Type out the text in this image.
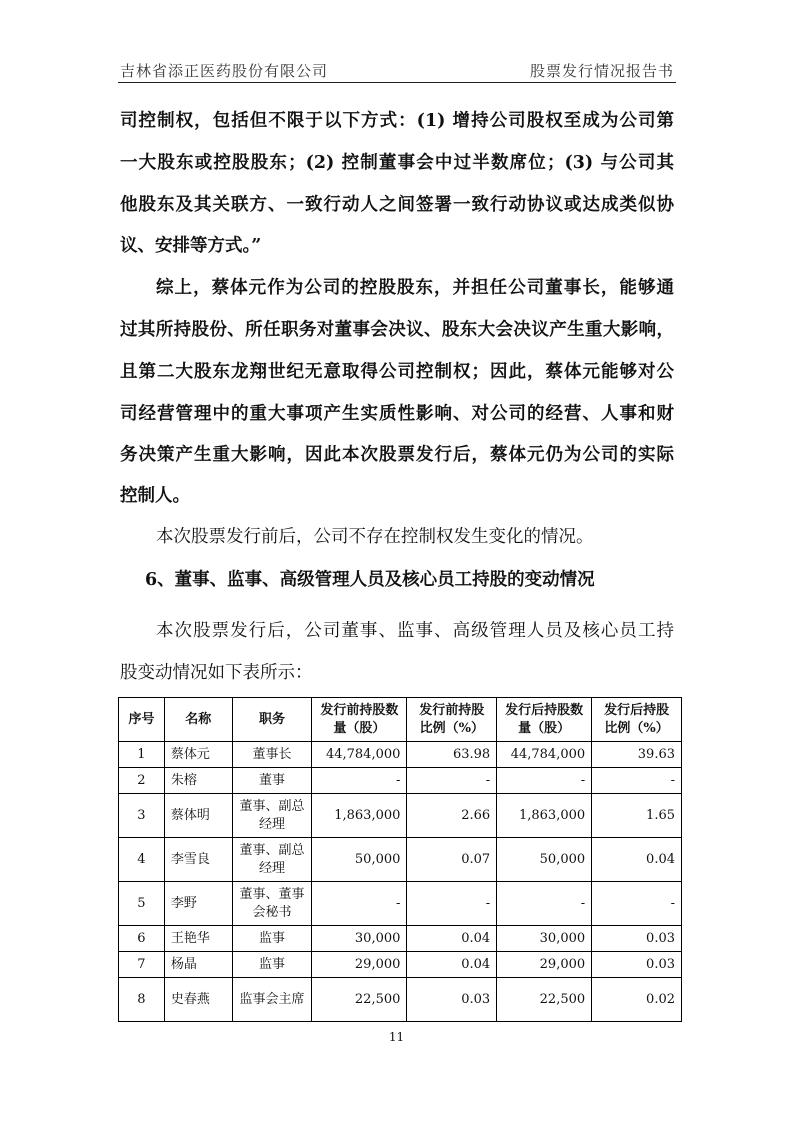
吉林省添正医药股份有限公司	股票发行情况报告书
司控制权，包括但不限于以下方式：(1) 增持公司股权至成为公司第
一大股东或控股股东；(2) 控制董事会中过半数席位；(3) 与公司其
他股东及其关联方、一致行动人之间签署一致行动协议或达成类似协
议、安排等方式。”
综上，蔡体元作为公司的控股股东，并担任公司董事长，能够通
过其所持股份、所任职务对董事会决议、股东大会决议产生重大影响，
且第二大股东龙翔世纪无意取得公司控制权；因此，蔡体元能够对公
司经营管理中的重大事项产生实质性影响、对公司的经营、人事和财
务决策产生重大影响，因此本次股票发行后，蔡体元仍为公司的实际
控制人。
本次股票发行前后，公司不存在控制权发生变化的情况。
6、董事、监事、高级管理人员及核心员工持股的变动情况
本次股票发行后，公司董事、监事、高级管理人员及核心员工持
股变动情况如下表所示：
序号	名称	职务	发行前持股数量（股）	发行前持股比例（%）	发行后持股数量（股）	发行后持股比例（%）
1	蔡体元	董事长	44,784,000	63.98	44,784,000	39.63
2	朱榕	董事	-	-	-	-
3	蔡体明	董事、副总经理	1,863,000	2.66	1,863,000	1.65
4	李雪良	董事、副总经理	50,000	0.07	50,000	0.04
5	李野	董事、董事会秘书	-	-	-	-
6	王艳华	监事	30,000	0.04	30,000	0.03
7	杨晶	监事	29,000	0.04	29,000	0.03
8	史春燕	监事会主席	22,500	0.03	22,500	0.02
11
